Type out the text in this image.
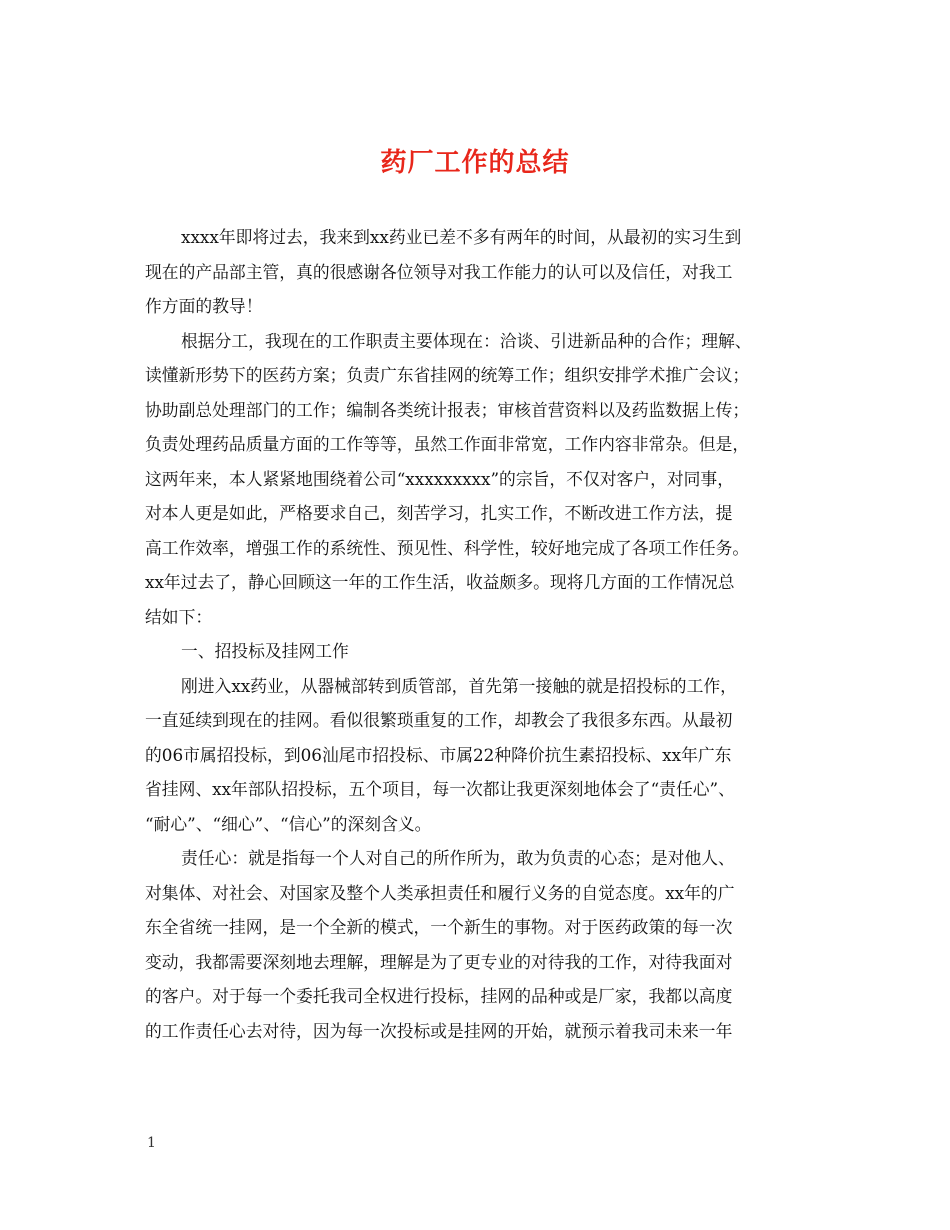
药厂工作的总结
xxxx年即将过去，我来到xx药业已差不多有两年的时间，从最初的实习生到
现在的产品部主管，真的很感谢各位领导对我工作能力的认可以及信任，对我工
作方面的教导！
根据分工，我现在的工作职责主要体现在：洽谈、引进新品种的合作；理解、
读懂新形势下的医药方案；负责广东省挂网的统筹工作；组织安排学术推广会议；
协助副总处理部门的工作；编制各类统计报表；审核首营资料以及药监数据上传；
负责处理药品质量方面的工作等等，虽然工作面非常宽，工作内容非常杂。但是，
这两年来，本人紧紧地围绕着公司“xxxxxxxxx”的宗旨，不仅对客户，对同事，
对本人更是如此，严格要求自己，刻苦学习，扎实工作，不断改进工作方法，提
高工作效率，增强工作的系统性、预见性、科学性，较好地完成了各项工作任务。
xx年过去了，静心回顾这一年的工作生活，收益颇多。现将几方面的工作情况总
结如下：
一、招投标及挂网工作
刚进入xx药业，从器械部转到质管部，首先第一接触的就是招投标的工作，
一直延续到现在的挂网。看似很繁琐重复的工作，却教会了我很多东西。从最初
的06市属招投标，到06汕尾市招投标、市属22种降价抗生素招投标、xx年广东
省挂网、xx年部队招投标，五个项目，每一次都让我更深刻地体会了“责任心”、
“耐心”、“细心”、“信心”的深刻含义。
责任心：就是指每一个人对自己的所作所为，敢为负责的心态；是对他人、
对集体、对社会、对国家及整个人类承担责任和履行义务的自觉态度。xx年的广
东全省统一挂网，是一个全新的模式，一个新生的事物。对于医药政策的每一次
变动，我都需要深刻地去理解，理解是为了更专业的对待我的工作，对待我面对
的客户。对于每一个委托我司全权进行投标，挂网的品种或是厂家，我都以高度
的工作责任心去对待，因为每一次投标或是挂网的开始，就预示着我司未来一年
1
